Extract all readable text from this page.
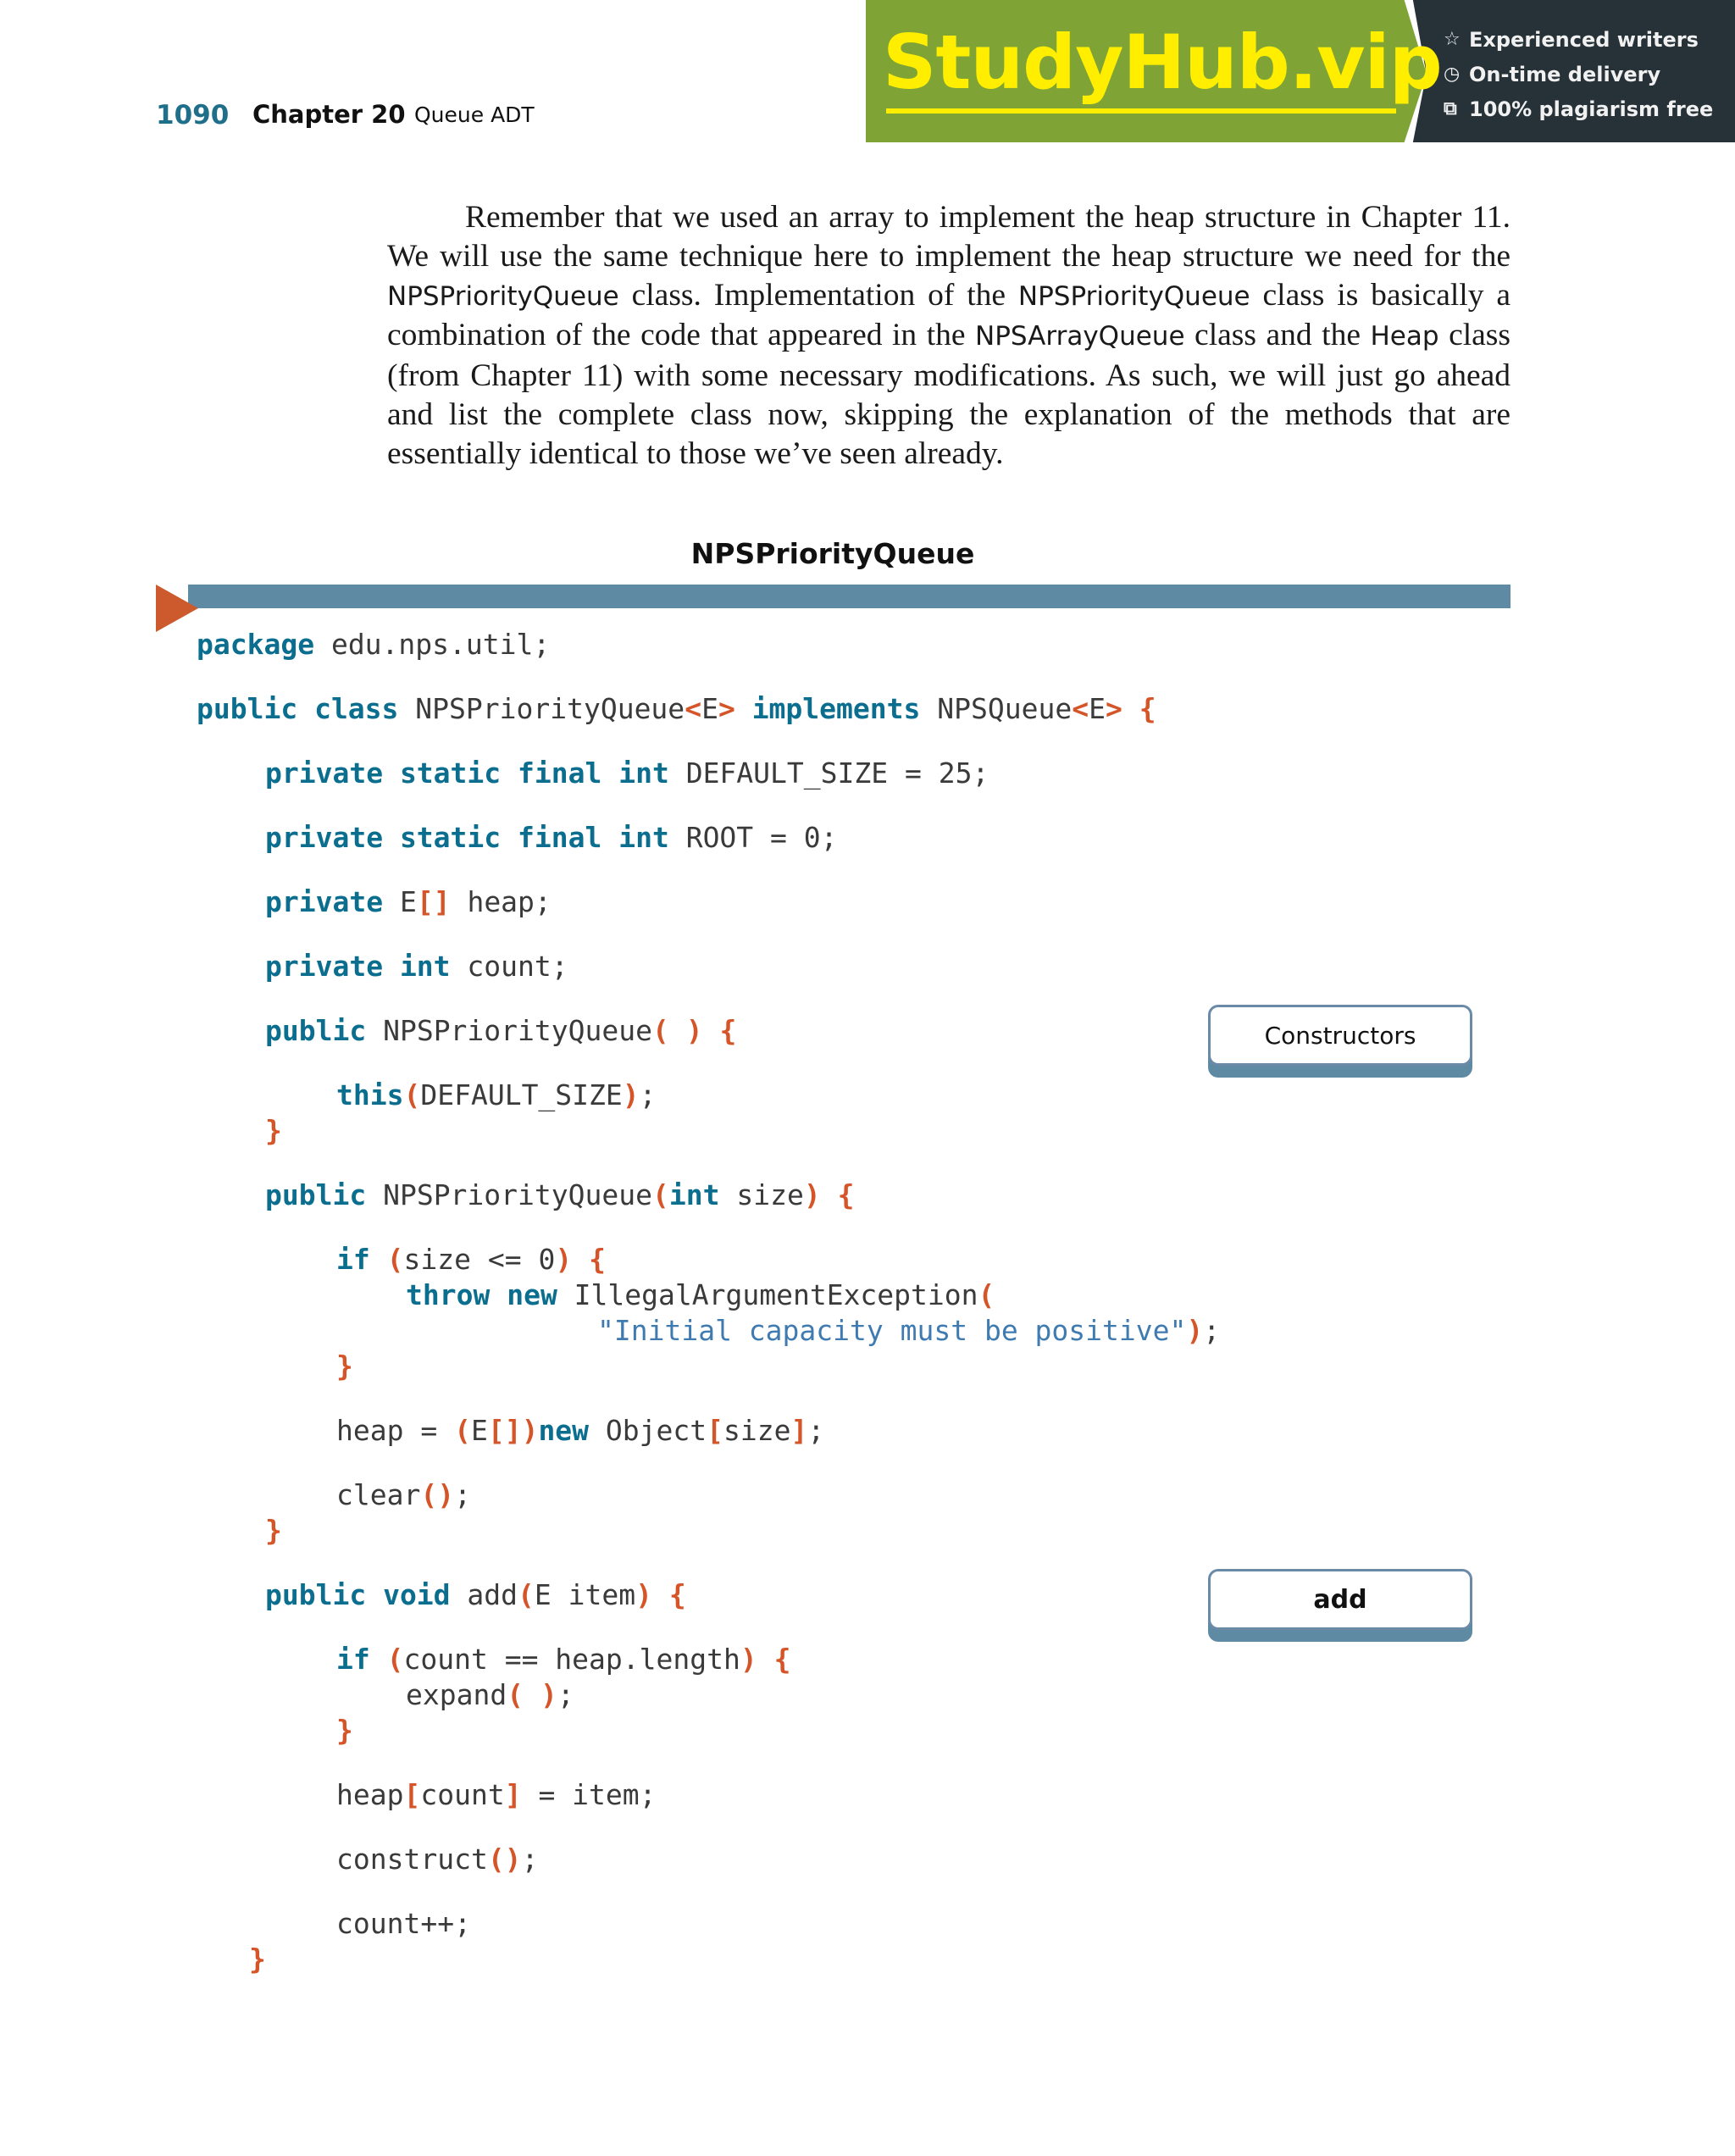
1090 Chapter 20 Queue ADT
StudyHub.vip ☆ Experienced writers
◷ On-time delivery
⧉ 100% plagiarism free

Remember that we used an array to implement the heap structure in Chapter 11. We will use the same technique here to implement the heap structure we need for the NPSPriorityQueue class. Implementation of the NPSPriorityQueue class is basically a combination of the code that appeared in the NPSArrayQueue class and the Heap class (from Chapter 11) with some necessary modifications. As such, we will just go ahead and list the complete class now, skipping the explanation of the methods that are essentially identical to those we’ve seen already.

NPSPriorityQueue
package edu.nps.util;
public class NPSPriorityQueue<E> implements NPSQueue<E> {
private static final int DEFAULT_SIZE = 25;
private static final int ROOT = 0;
private E[] heap;
private int count;
public NPSPriorityQueue( ) {
this(DEFAULT_SIZE);
}
public NPSPriorityQueue(int size) {
if (size <= 0) {
throw new IllegalArgumentException(
"Initial capacity must be positive");
}
heap = (E[])new Object[size];
clear();
}
public void add(E item) {
if (count == heap.length) {
expand( );
}
heap[count] = item;
construct();
count++;
}
Constructors
add
